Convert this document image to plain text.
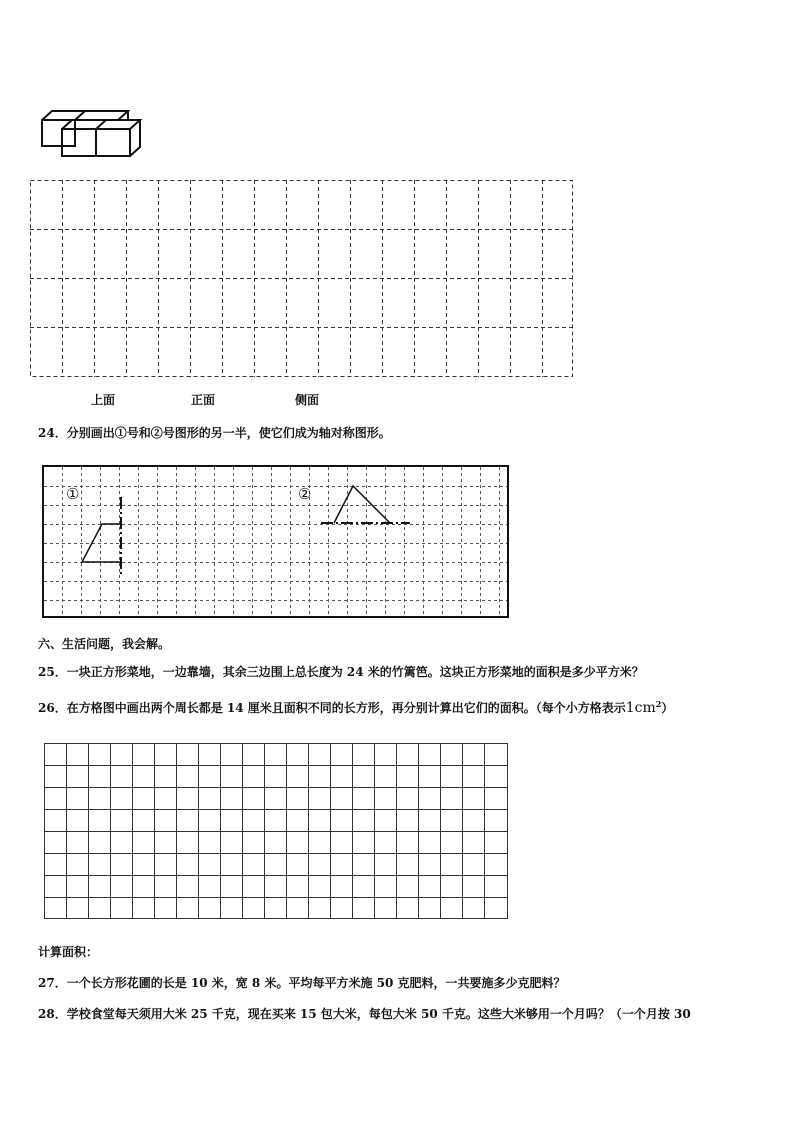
上面	正面	侧面
24．分别画出①号和②号图形的另一半，使它们成为轴对称图形。
①	②
六、生活问题，我会解。
25．一块正方形菜地，一边靠墙，其余三边围上总长度为 24 米的竹篱笆。这块正方形菜地的面积是多少平方米？
26．在方格图中画出两个周长都是 14 厘米且面积不同的长方形，再分别计算出它们的面积。（每个小方格表示$1cm^2$）
计算面积：
27．一个长方形花圃的长是 10 米，宽 8 米。平均每平方米施 50 克肥料，一共要施多少克肥料？
28．学校食堂每天须用大米 25 千克，现在买来 15 包大米，每包大米 50 千克。这些大米够用一个月吗？（一个月按 30
